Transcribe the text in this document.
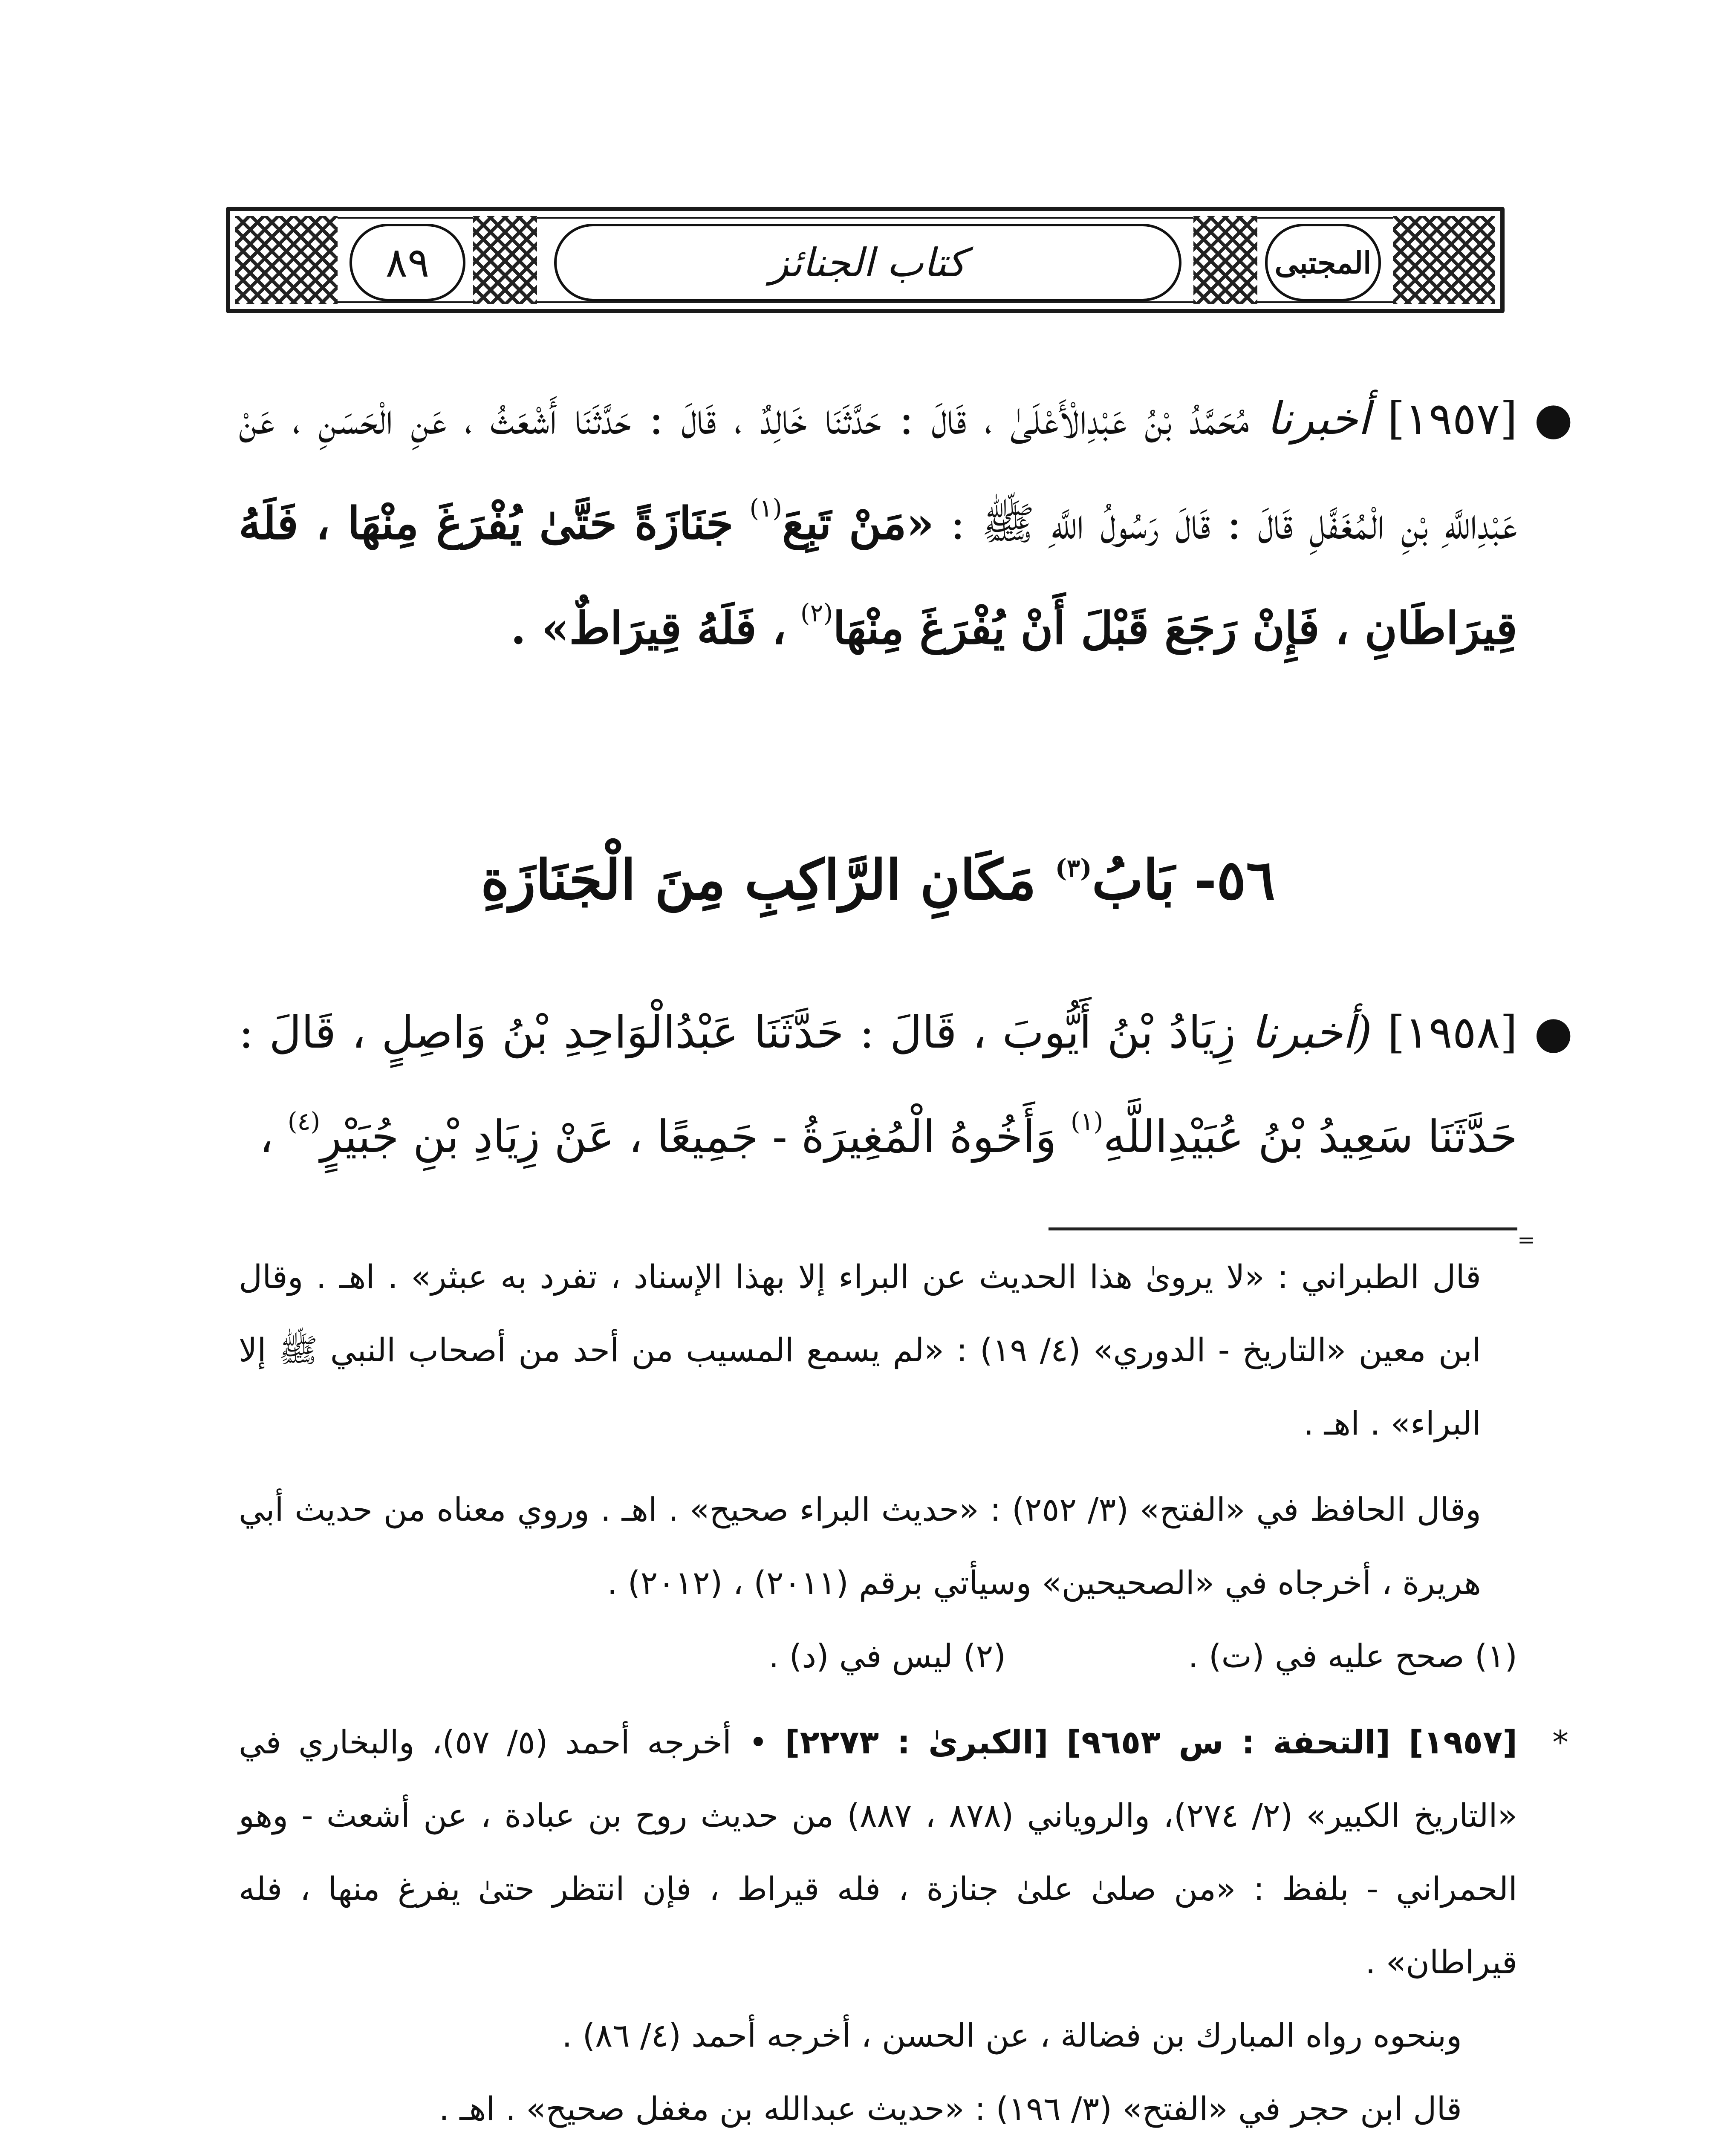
٨٩	كتاب الجنائز	المجتبى

●
[١٩٥٧] أخبرنا مُحَمَّدُ بْنُ عَبْدِالْأَعْلَىٰ ، قَالَ : حَدَّثَنَا خَالِدٌ ، قَالَ : حَدَّثَنَا أَشْعَثُ ، عَنِ الْحَسَنِ ، عَنْ عَبْدِاللَّهِ بْنِ الْمُغَفَّلِ قَالَ : قَالَ رَسُولُ اللَّهِ ﷺ : «مَنْ تَبِعَ$^{(١)}$ جَنَازَةً حَتَّىٰ يُفْرَغَ مِنْهَا ، فَلَهُ قِيرَاطَانِ ، فَإِنْ رَجَعَ قَبْلَ أَنْ يُفْرَغَ مِنْهَا$^{(٢)}$ ، فَلَهُ قِيرَاطٌ» .

٥٦- بَابُ$^{(٣)}$ مَكَانِ الرَّاكِبِ مِنَ الْجَنَازَةِ

●
[١٩٥٨] (أخبرنا زِيَادُ بْنُ أَيُّوبَ ، قَالَ : حَدَّثَنَا عَبْدُالْوَاحِدِ بْنُ وَاصِلٍ ، قَالَ : حَدَّثَنَا سَعِيدُ بْنُ عُبَيْدِاللَّهِ$^{(١)}$ وَأَخُوهُ الْمُغِيرَةُ - جَمِيعًا ، عَنْ زِيَادِ بْنِ جُبَيْرٍ$^{(٤)}$ ،

=

قال الطبراني : «لا يروىٰ هذا الحديث عن البراء إلا بهذا الإسناد ، تفرد به عبثر» . اهـ . وقال ابن معين «التاريخ - الدوري» (٤/ ١٩) : «لم يسمع المسيب من أحد من أصحاب النبي ﷺ إلا البراء» . اهـ .

وقال الحافظ في «الفتح» (٣/ ٢٥٢) : «حديث البراء صحيح» . اهـ . وروي معناه من حديث أبي هريرة ، أخرجاه في «الصحيحين» وسيأتي برقم (٢٠١١) ، (٢٠١٢) .

(١) صحح عليه في (ت) .
(٢) ليس في (د) .

*
[١٩٥٧] [التحفة : س ٩٦٥٣] [الكبرىٰ : ٢٢٧٣] • أخرجه أحمد (٥/ ٥٧)، والبخاري في «التاريخ الكبير» (٢/ ٢٧٤)، والروياني (٨٧٨ ، ٨٨٧) من حديث روح بن عبادة ، عن أشعث - وهو الحمراني - بلفظ : «من صلىٰ علىٰ جنازة ، فله قيراط ، فإن انتظر حتىٰ يفرغ منها ، فله قيراطان» .

وبنحوه رواه المبارك بن فضالة ، عن الحسن ، أخرجه أحمد (٤/ ٨٦) .

قال ابن حجر في «الفتح» (٣/ ١٩٦) : «حديث عبدالله بن مغفل صحيح» . اهـ .
